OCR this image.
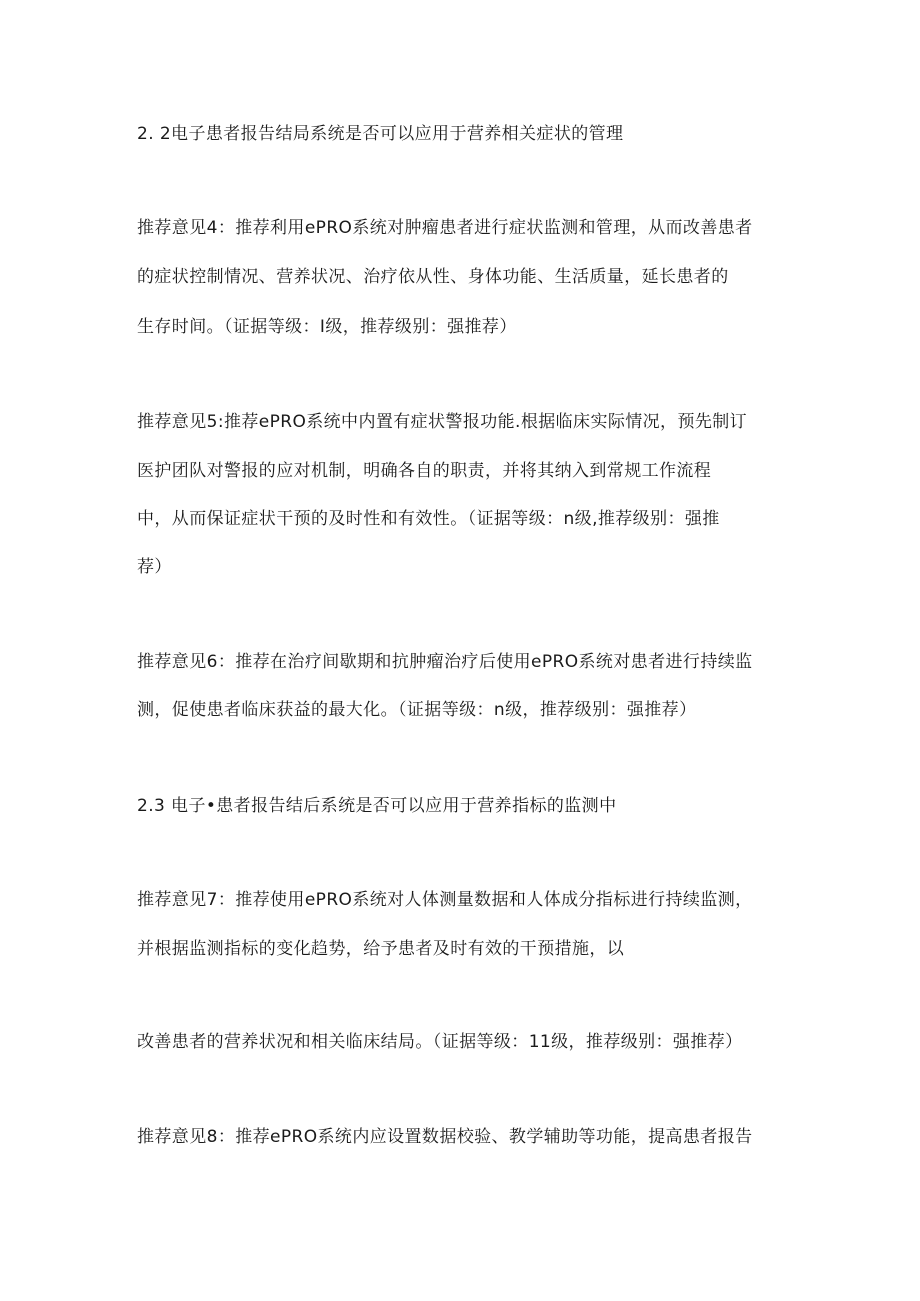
2. 2电子患者报告结局系统是否可以应用于营养相关症状的管理
推荐意见4：推荐利用ePRO系统对肿瘤患者进行症状监测和管理，从而改善患者
的症状控制情况、营养状况、治疗依从性、身体功能、生活质量，延长患者的
生存时间。（证据等级：I级，推荐级别：强推荐）
推荐意见5:推荐ePRO系统中内置有症状警报功能.根据临床实际情况，预先制订
医护团队对警报的应对机制，明确各自的职责，并将其纳入到常规工作流程
中，从而保证症状干预的及时性和有效性。（证据等级：n级,推荐级别：强推
荐）
推荐意见6：推荐在治疗间歇期和抗肿瘤治疗后使用ePRO系统对患者进行持续监
测，促使患者临床获益的最大化。（证据等级：n级，推荐级别：强推荐）
2.3 电子•患者报告结后系统是否可以应用于营养指标的监测中
推荐意见7：推荐使用ePRO系统对人体测量数据和人体成分指标进行持续监测，
并根据监测指标的变化趋势，给予患者及时有效的干预措施，以
改善患者的营养状况和相关临床结局。（证据等级：11级，推荐级别：强推荐）
推荐意见8：推荐ePRO系统内应设置数据校验、教学辅助等功能，提高患者报告
